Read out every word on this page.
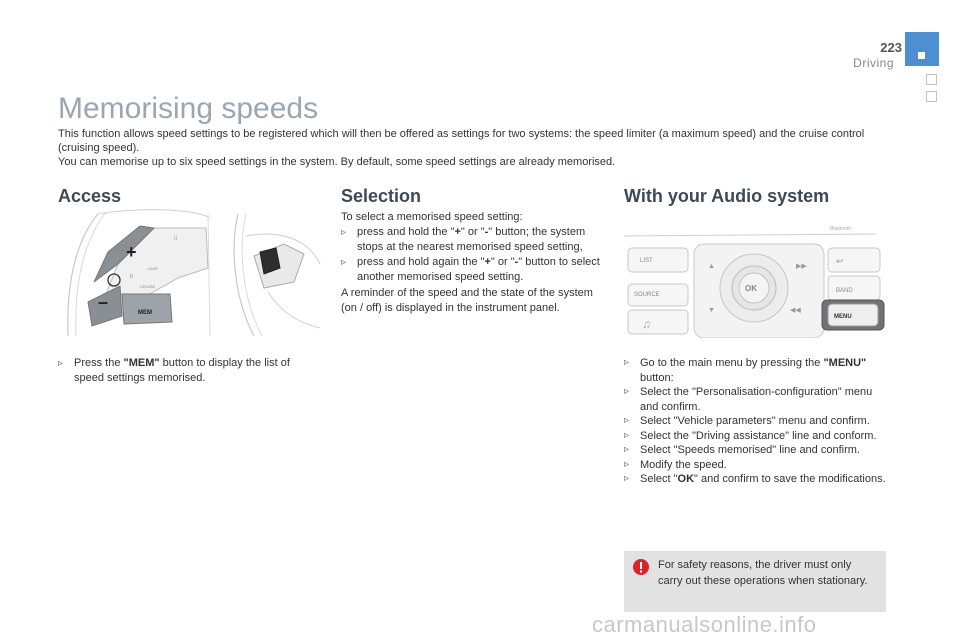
223
Driving
Memorising speeds

This function allows speed settings to be registered which will then be offered as settings for two systems: the speed limiter (a maximum speed) and the cruise control (cruising speed).

You can memorise up to six speed settings in the system. By default, some speed settings are already memorised.

Access
+
–
MEM
LIMIT
CRUISE
0
II
▹ Press the "MEM" button to display the list of speed settings memorised.
Selection
To select a memorised speed setting:
▹ press and hold the "+" or "-" button; the system stops at the nearest memorised speed setting,
▹ press and hold again the "+" or "-" button to select another memorised speed setting.
A reminder of the speed and the state of the system (on / off) is displayed in the instrument panel.
With your Audio system
Bluetooth
LIST
SOURCE
♫
OK
▲
▼
▶▶
◀◀
↩
BAND
MENU
▹ Go to the main menu by pressing the "MENU" button:
▹ Select the "Personalisation-configuration" menu and confirm.
▹ Select "Vehicle parameters" menu and confirm.
▹ Select the "Driving assistance" line and conform.
▹ Select "Speeds memorised" line and confirm.
▹ Modify the speed.
▹ Select "OK" and confirm to save the modifications.
For safety reasons, the driver must only carry out these operations when stationary.
carmanualsonline.info
